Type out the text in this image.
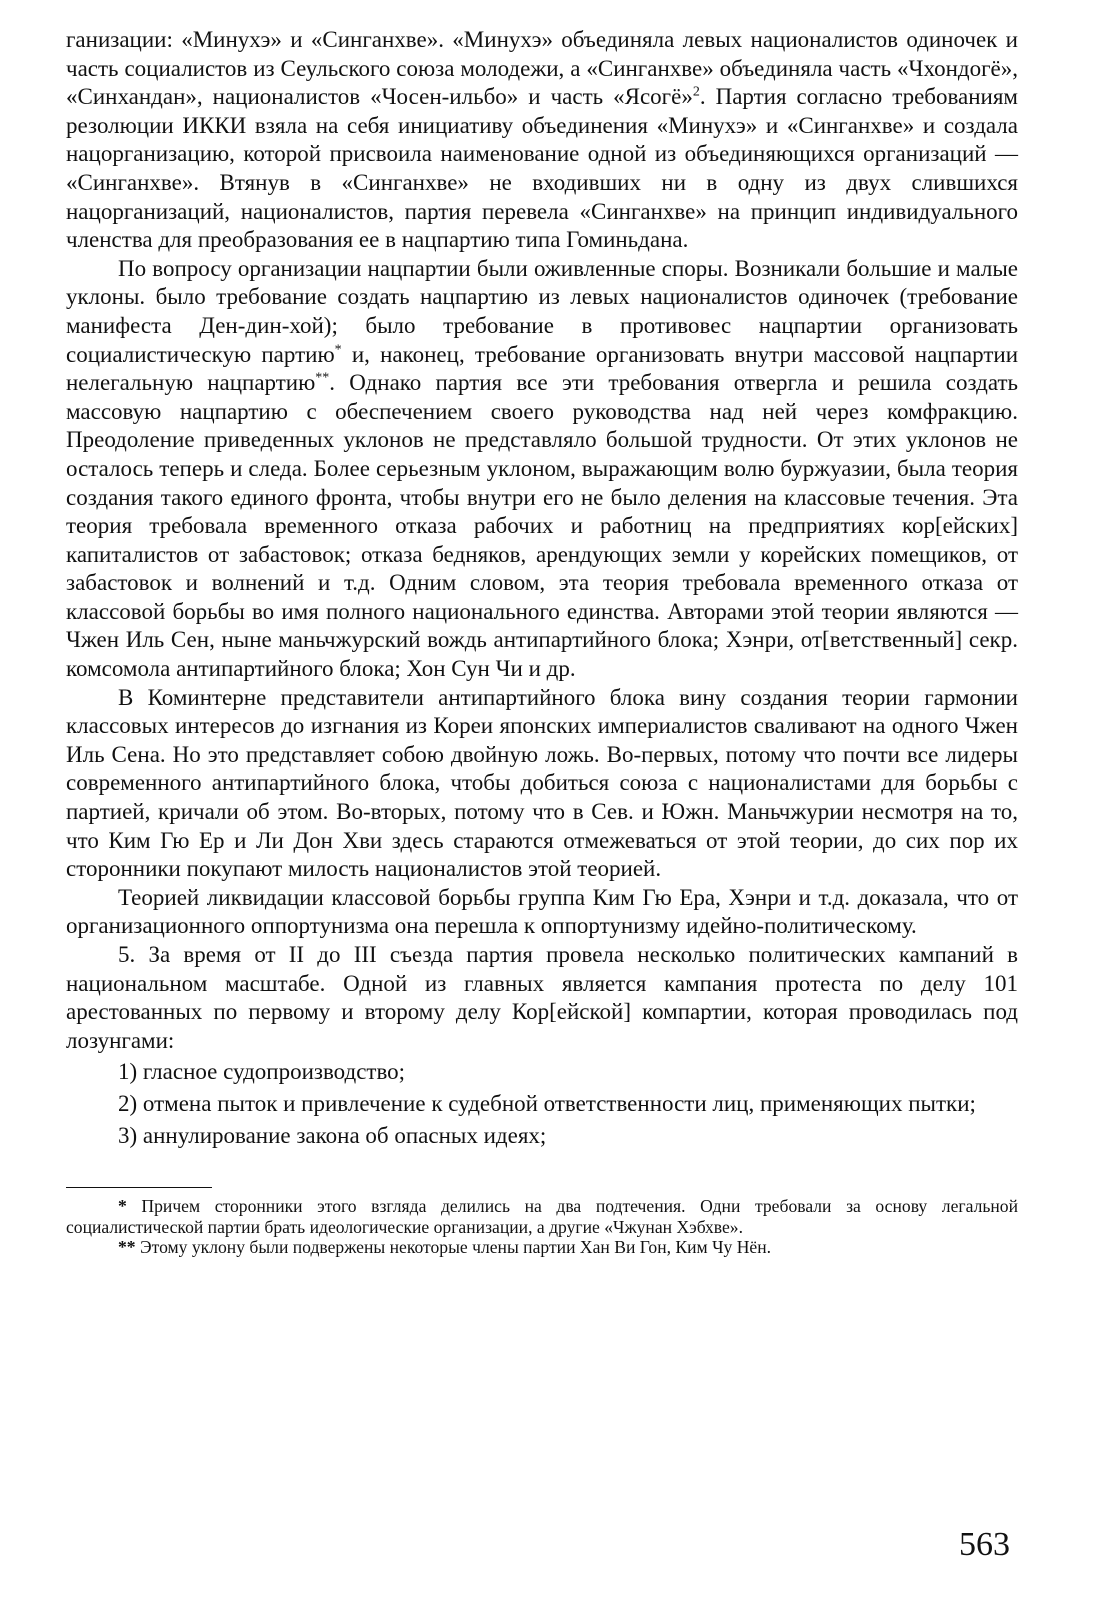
ганизации: «Минухэ» и «Сингaнхве». «Минухэ» объединяла левых националистов одиночек и часть социалистов из Сеульского союза молодежи, а «Сингaнхве» объединяла часть «Чхондогё», «Синхандан», националистов «Чосен-ильбо» и часть «Ясогё»$^2$. Партия согласно требованиям резолюции ИККИ взяла на себя инициативу объединения «Минухэ» и «Сингaнхве» и создала нацорганизацию, которой присвоила наименование одной из объединяющихся организаций — «Сингaнхве». Втянув в «Сингaнхве» не входивших ни в одну из двух слившихся нацорганизаций, националистов, партия перевела «Сингaнхве» на принцип индивидуального членства для преобразования ее в нацпартию типа Гоминьдана.

По вопросу организации нацпартии были оживленные споры. Возникали большие и малые уклоны. было требование создать нацпартию из левых националистов одиночек (требование манифеста Ден-дин-хой); было требование в противовес нацпартии организовать социалистическую партию* и, наконец, требование организовать внутри массовой нацпартии нелегальную нацпартию**. Однако партия все эти требования отвергла и решила создать массовую нацпартию с обеспечением своего руководства над ней через комфракцию. Преодоление приведенных уклонов не представляло большой трудности. От этих уклонов не осталось теперь и следа. Более серьезным уклоном, выражающим волю буржуазии, была теория создания такого единого фронта, чтобы внутри его не было деления на классовые течения. Эта теория требовала временного отказа рабочих и работниц на предприятиях кор[ейских] капиталистов от забастовок; отказа бедняков, арендующих земли у корейских помещиков, от забастовок и волнений и т.д. Одним словом, эта теория требовала временного отказа от классовой борьбы во имя полного национального единства. Авторами этой теории являются — Чжен Иль Сен, ныне маньчжурский вождь антипартийного блока; Хэнри, от[ветственный] секр. комсомола антипартийного блока; Хон Сун Чи и др.

В Коминтерне представители антипартийного блока вину создания теории гармонии классовых интересов до изгнания из Кореи японских империалистов сваливают на одного Чжен Иль Сена. Но это представляет собою двойную ложь. Во-первых, потому что почти все лидеры современного антипартийного блока, чтобы добиться союза с националистами для борьбы с партией, кричали об этом. Во-вторых, потому что в Сев. и Южн. Маньчжурии несмотря на то, что Ким Гю Ер и Ли Дон Хви здесь стараются отмежеваться от этой теории, до сих пор их сторонники покупают милость националистов этой теорией.

Теорией ликвидации классовой борьбы группа Ким Гю Ера, Хэнри и т.д. доказала, что от организационного оппортунизма она перешла к оппортунизму идейно-политическому.

5. За время от II до III съезда партия провела несколько политических кампаний в национальном масштабе. Одной из главных является кампания протеста по делу 101 арестованных по первому и второму делу Кор[ейской] компартии, которая проводилась под лозунгами:

1) гласное судопроизводство;

2) отмена пыток и привлечение к судебной ответственности лиц, применяющих пытки;

3) аннулирование закона об опасных идеях;

* Причем сторонники этого взгляда делились на два подтечения. Одни требовали за основу легальной социалистической партии брать идеологические организации, а другие «Чжунан Хэбхве».

** Этому уклону были подвержены некоторые члены партии Хан Ви Гон, Ким Чу Нён.

563
